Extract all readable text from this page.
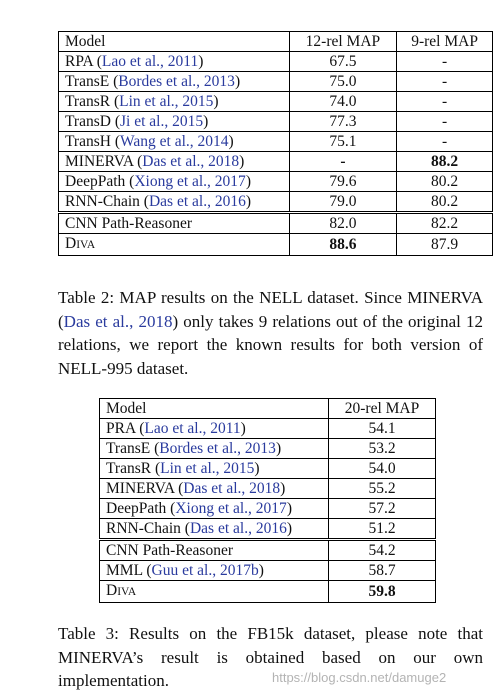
Model	12-rel MAP	9-rel MAP
RPA (Lao et al., 2011)	67.5	-
TransE (Bordes et al., 2013)	75.0	-
TransR (Lin et al., 2015)	74.0	-
TransD (Ji et al., 2015)	77.3	-
TransH (Wang et al., 2014)	75.1	-
MINERVA (Das et al., 2018)	-	88.2
DeepPath (Xiong et al., 2017)	79.6	80.2
RNN-Chain (Das et al., 2016)	79.0	80.2
CNN Path-Reasoner	82.0	82.2
DIVA	88.6	87.9
Table 2: MAP results on the NELL dataset. Since MINERVA (Das et al., 2018) only takes 9 relations out of the original 12 relations, we report the known results for both version of NELL-995 dataset.
Model	20-rel MAP
PRA (Lao et al., 2011)	54.1
TransE (Bordes et al., 2013)	53.2
TransR (Lin et al., 2015)	54.0
MINERVA (Das et al., 2018)	55.2
DeepPath (Xiong et al., 2017)	57.2
RNN-Chain (Das et al., 2016)	51.2
CNN Path-Reasoner	54.2
MML (Guu et al., 2017b)	58.7
DIVA	59.8
Table 3: Results on the FB15k dataset, please note that MINERVA’s result is obtained based on our own implementation.	https://blog.csdn.net/damuge2
